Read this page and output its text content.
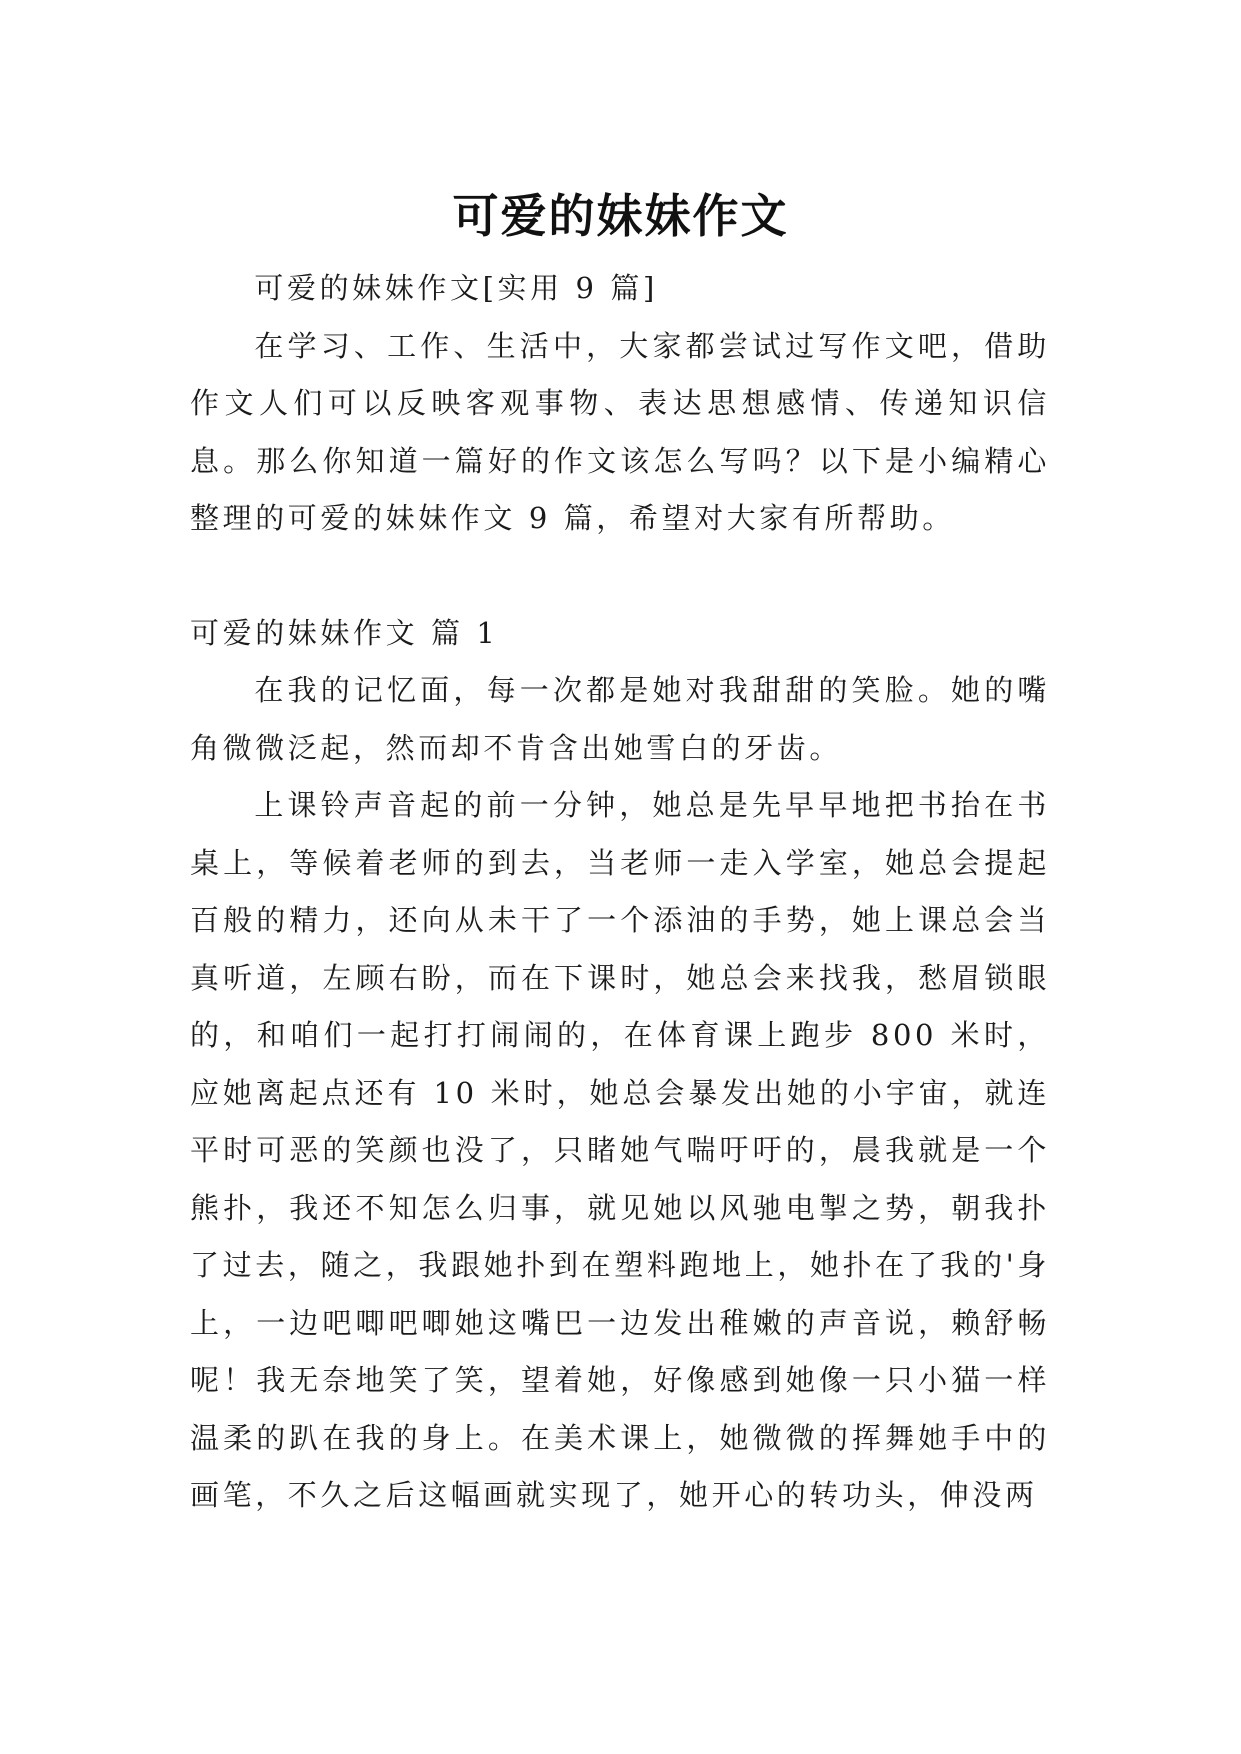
可爱的妹妹作文

可爱的妹妹作文[实用 9 篇]

在学习、工作、生活中，大家都尝试过写作文吧，借助作文人们可以反映客观事物、表达思想感情、传递知识信息。那么你知道一篇好的作文该怎么写吗？以下是小编精心整理的可爱的妹妹作文 9 篇，希望对大家有所帮助。

可爱的妹妹作文 篇 1

在我的记忆面，每一次都是她对我甜甜的笑脸。她的嘴角微微泛起，然而却不肯含出她雪白的牙齿。

上课铃声音起的前一分钟，她总是先早早地把书抬在书桌上，等候着老师的到去，当老师一走入学室，她总会提起百般的精力，还向从未干了一个添油的手势，她上课总会当真听道，左顾右盼，而在下课时，她总会来找我，愁眉锁眼的，和咱们一起打打闹闹的，在体育课上跑步 800 米时，应她离起点还有 10 米时，她总会暴发出她的小宇宙，就连平时可恶的笑颜也没了，只睹她气喘吁吁的，晨我就是一个熊扑，我还不知怎么归事，就见她以风驰电掣之势，朝我扑了过去，随之，我跟她扑到在塑料跑地上，她扑在了我的'身上，一边吧唧吧唧她这嘴巴一边发出稚嫩的声音说，赖舒畅呢！我无奈地笑了笑，望着她，好像感到她像一只小猫一样温柔的趴在我的身上。在美术课上，她微微的挥舞她手中的画笔，不久之后这幅画就实现了，她开心的转功头，伸没两
